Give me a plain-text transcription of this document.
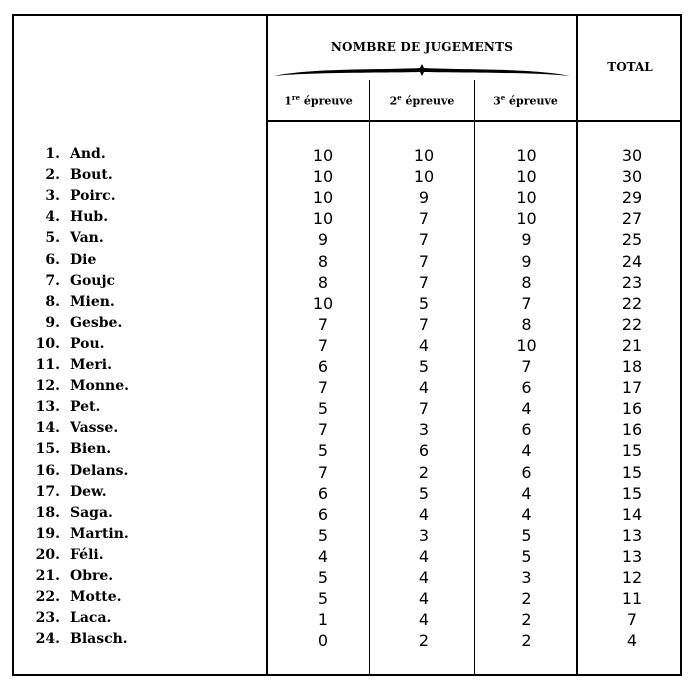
NOMBRE DE JUGEMENTS
TOTAL
1re épreuve	2e épreuve	3e épreuve
1. And.	10	10	10	30
2. Bout.	10	10	10	30
3. Poirc.	10	9	10	29
4. Hub.	10	7	10	27
5. Van.	9	7	9	25
6. Die	8	7	9	24
7. Goujc	8	7	8	23
8. Mien.	10	5	7	22
9. Gesbe.	7	7	8	22
10. Pou.	7	4	10	21
11. Meri.	6	5	7	18
12. Monne.	7	4	6	17
13. Pet.	5	7	4	16
14. Vasse.	7	3	6	16
15. Bien.	5	6	4	15
16. Delans.	7	2	6	15
17. Dew.	6	5	4	15
18. Saga.	6	4	4	14
19. Martin.	5	3	5	13
20. Féli.	4	4	5	13
21. Obre.	5	4	3	12
22. Motte.	5	4	2	11
23. Laca.	1	4	2	7
24. Blasch.	0	2	2	4
